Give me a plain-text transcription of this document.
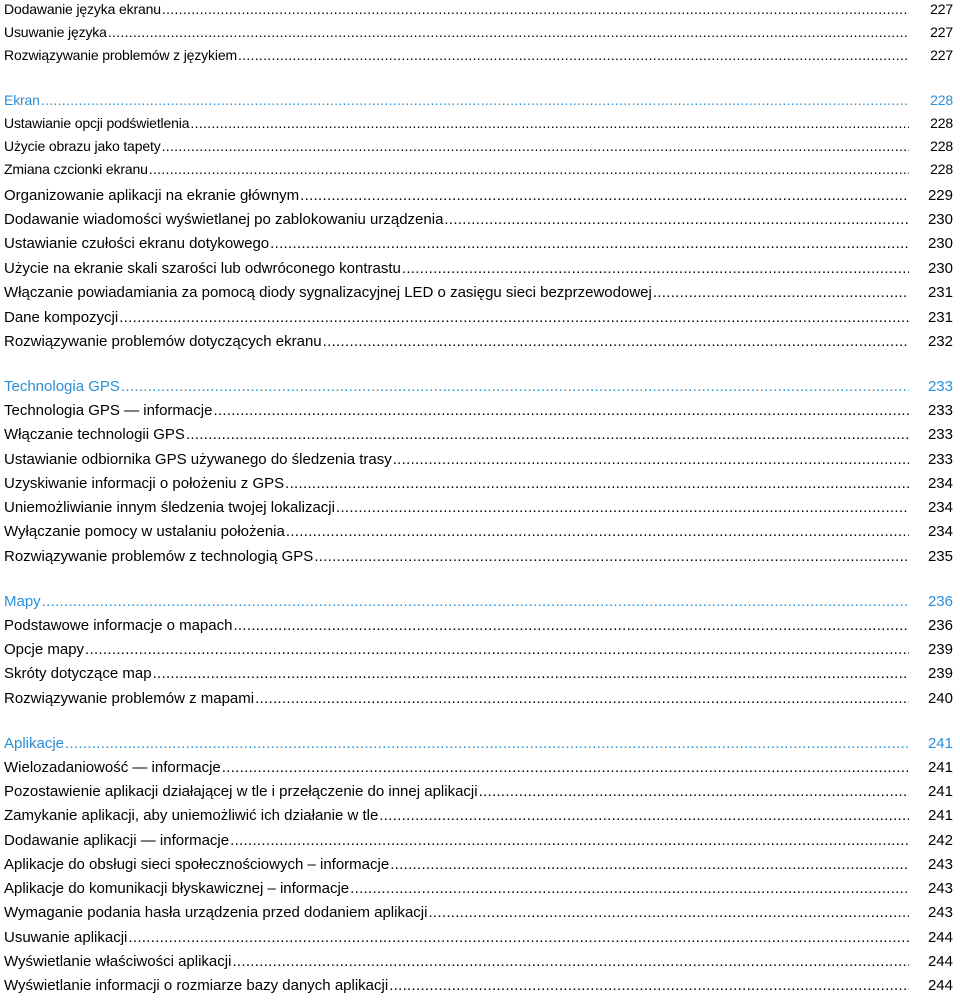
Dodawanie języka ekranu .....	227
Usuwanie języka .....	227
Rozwiązywanie problemów z językiem .....	227
Ekran .....	228
Ustawianie opcji podświetlenia .....	228
Użycie obrazu jako tapety .....	228
Zmiana czcionki ekranu .....	228
Organizowanie aplikacji na ekranie głównym .....	229
Dodawanie wiadomości wyświetlanej po zablokowaniu urządzenia .....	230
Ustawianie czułości ekranu dotykowego .....	230
Użycie na ekranie skali szarości lub odwróconego kontrastu .....	230
Włączanie powiadamiania za pomocą diody sygnalizacyjnej LED o zasięgu sieci bezprzewodowej .....	231
Dane kompozycji .....	231
Rozwiązywanie problemów dotyczących ekranu .....	232
Technologia GPS .....	233
Technologia GPS — informacje .....	233
Włączanie technologii GPS .....	233
Ustawianie odbiornika GPS używanego do śledzenia trasy .....	233
Uzyskiwanie informacji o położeniu z GPS .....	234
Uniemożliwianie innym śledzenia twojej lokalizacji .....	234
Wyłączanie pomocy w ustalaniu położenia .....	234
Rozwiązywanie problemów z technologią GPS .....	235
Mapy .....	236
Podstawowe informacje o mapach .....	236
Opcje mapy .....	239
Skróty dotyczące map .....	239
Rozwiązywanie problemów z mapami .....	240
Aplikacje .....	241
Wielozadaniowość — informacje .....	241
Pozostawienie aplikacji działającej w tle i przełączenie do innej aplikacji .....	241
Zamykanie aplikacji, aby uniemożliwić ich działanie w tle .....	241
Dodawanie aplikacji — informacje .....	242
Aplikacje do obsługi sieci społecznościowych – informacje .....	243
Aplikacje do komunikacji błyskawicznej – informacje .....	243
Wymaganie podania hasła urządzenia przed dodaniem aplikacji .....	243
Usuwanie aplikacji .....	244
Wyświetlanie właściwości aplikacji .....	244
Wyświetlanie informacji o rozmiarze bazy danych aplikacji .....	244
